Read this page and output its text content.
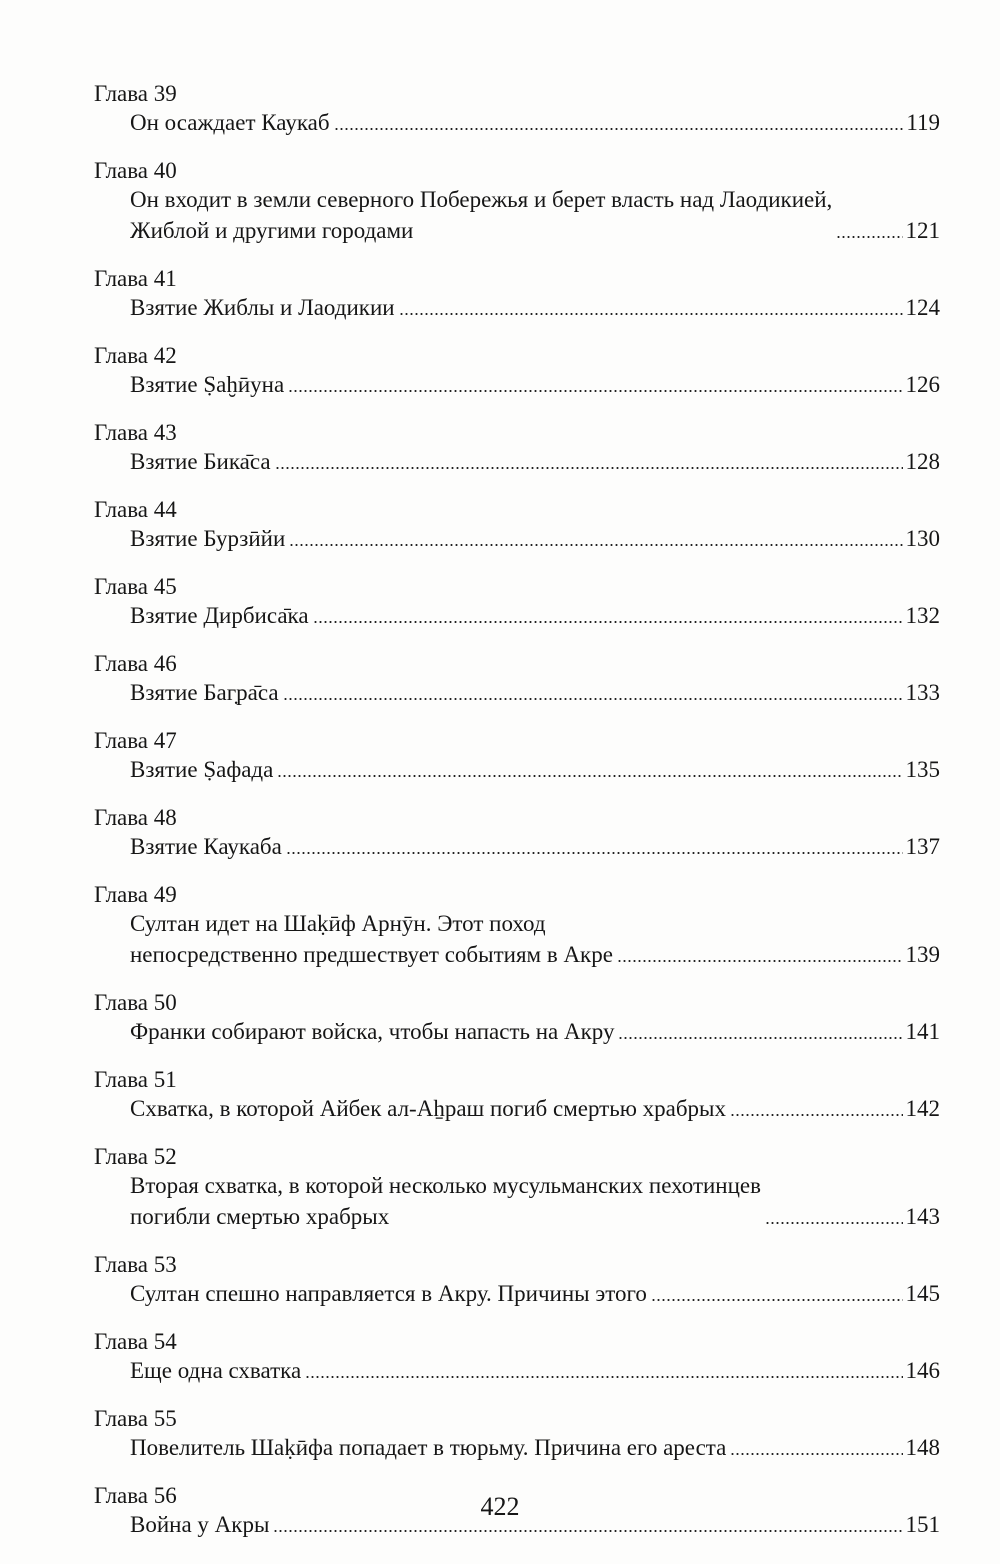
Глава 39
Он осаждает Каукаб	119
Глава 40
Он входит в земли северного Побережья и берет власть над Лаодикией,
Жиблой и другими городами	121
Глава 41
Взятие Жиблы и Лаодикии	124
Глава 42
Взятие Ṣаḫӣуна	126
Глава 43
Взятие Бика̄са	128
Глава 44
Взятие Бурзӣйи	130
Глава 45
Взятие Дирбиса̄ка	132
Глава 46
Взятие Баг̣ра̄са	133
Глава 47
Взятие Ṣафада	135
Глава 48
Взятие Каукаба	137
Глава 49
Султан идет на Шаḳӣф Арнӯн. Этот поход
непосредственно предшествует событиям в Акре	139
Глава 50
Франки собирают войска, чтобы напасть на Акру	141
Глава 51
Схватка, в которой Айбек ал-Аẖраш погиб смертью храбрых	142
Глава 52
Вторая схватка, в которой несколько мусульманских пехотинцев
погибли смертью храбрых	143
Глава 53
Султан спешно направляется в Акру. Причины этого	145
Глава 54
Еще одна схватка	146
Глава 55
Повелитель Шаḳӣфа попадает в тюрьму. Причина его ареста	148
Глава 56
Война у Акры	151
422
